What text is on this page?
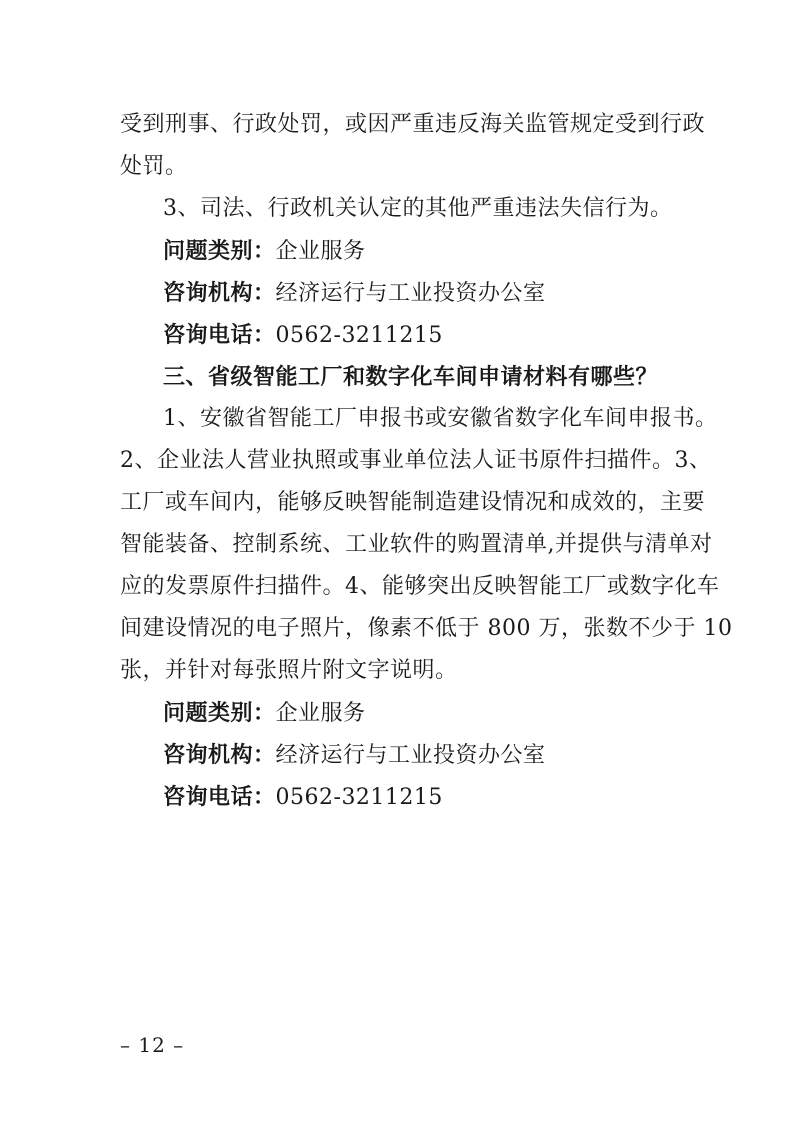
受到刑事、行政处罚，或因严重违反海关监管规定受到行政
处罚。
3、司法、行政机关认定的其他严重违法失信行为。
问题类别：企业服务
咨询机构：经济运行与工业投资办公室
咨询电话：0562-3211215
三、省级智能工厂和数字化车间申请材料有哪些？
1、安徽省智能工厂申报书或安徽省数字化车间申报书。
2、企业法人营业执照或事业单位法人证书原件扫描件。3、
工厂或车间内，能够反映智能制造建设情况和成效的，主要
智能装备、控制系统、工业软件的购置清单,并提供与清单对
应的发票原件扫描件。4、能够突出反映智能工厂或数字化车
间建设情况的电子照片，像素不低于 800 万，张数不少于 10
张，并针对每张照片附文字说明。
问题类别：企业服务
咨询机构：经济运行与工业投资办公室
咨询电话：0562-3211215
– 12 –
